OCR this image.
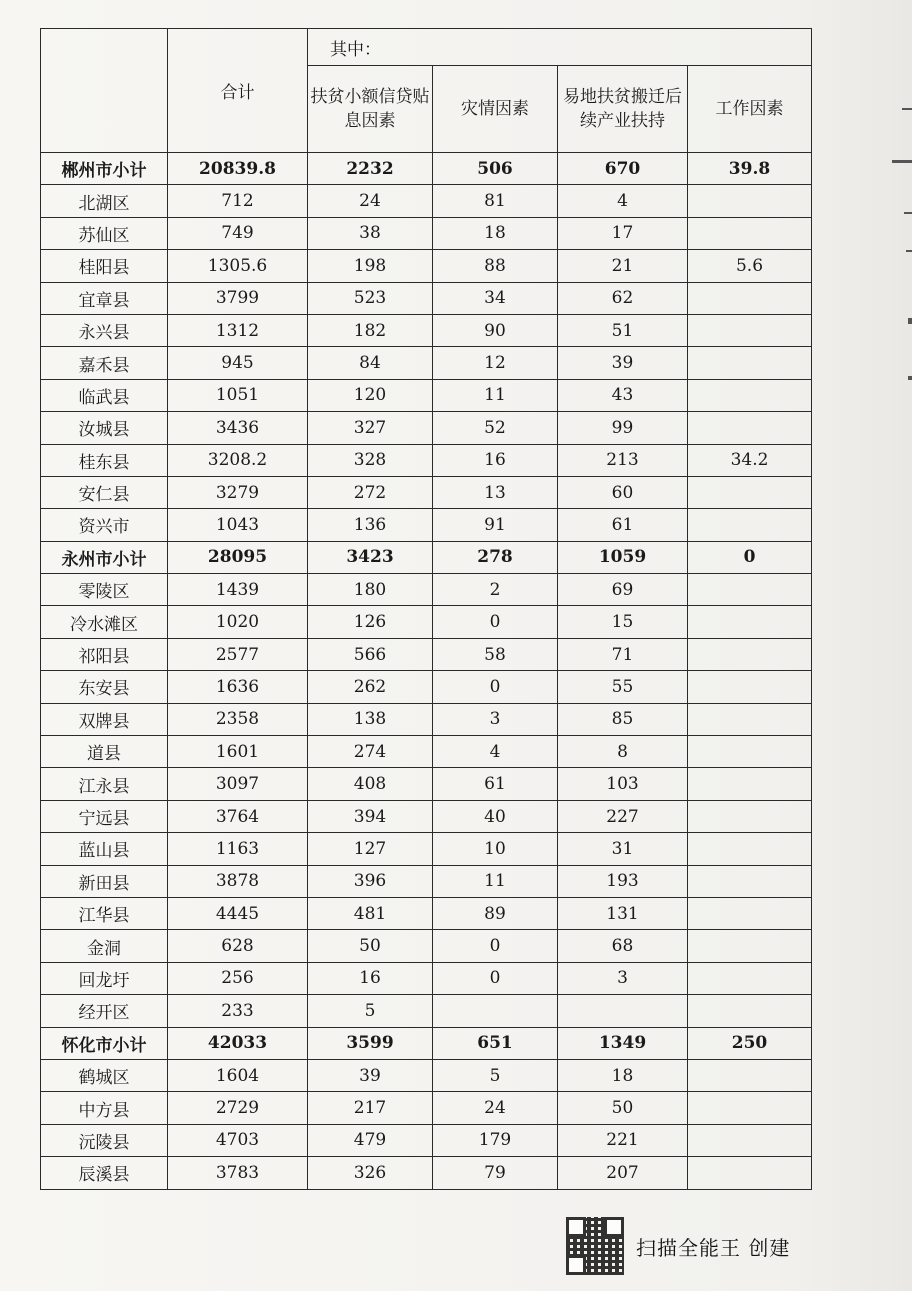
	合计	其中：			
		扶贫小额信贷贴息因素	灾情因素	易地扶贫搬迁后续产业扶持	工作因素
郴州市小计	20839.8	2232	506	670	39.8
北湖区	712	24	81	4	
苏仙区	749	38	18	17	
桂阳县	1305.6	198	88	21	5.6
宜章县	3799	523	34	62	
永兴县	1312	182	90	51	
嘉禾县	945	84	12	39	
临武县	1051	120	11	43	
汝城县	3436	327	52	99	
桂东县	3208.2	328	16	213	34.2
安仁县	3279	272	13	60	
资兴市	1043	136	91	61	
永州市小计	28095	3423	278	1059	0
零陵区	1439	180	2	69	
冷水滩区	1020	126	0	15	
祁阳县	2577	566	58	71	
东安县	1636	262	0	55	
双牌县	2358	138	3	85	
道县	1601	274	4	8	
江永县	3097	408	61	103	
宁远县	3764	394	40	227	
蓝山县	1163	127	10	31	
新田县	3878	396	11	193	
江华县	4445	481	89	131	
金洞	628	50	0	68	
回龙圩	256	16	0	3	
经开区	233	5			
怀化市小计	42033	3599	651	1349	250
鹤城区	1604	39	5	18	
中方县	2729	217	24	50	
沅陵县	4703	479	179	221	
辰溪县	3783	326	79	207	
扫描全能王 创建
